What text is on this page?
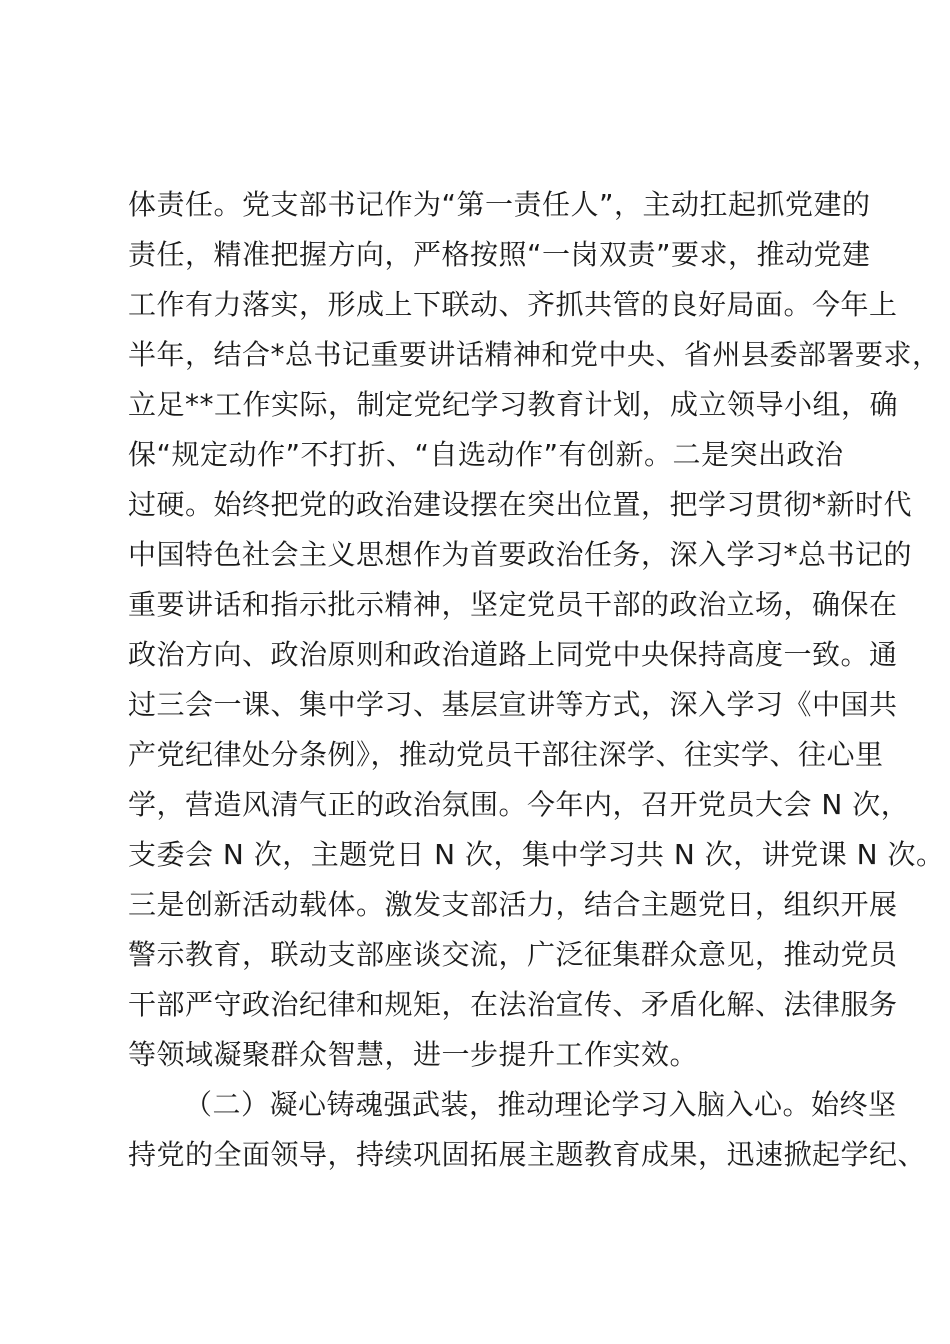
体责任。党支部书记作为“第一责任人”，主动扛起抓党建的
责任，精准把握方向，严格按照“一岗双责”要求，推动党建
工作有力落实，形成上下联动、齐抓共管的良好局面。今年上
半年，结合*总书记重要讲话精神和党中央、省州县委部署要求，
立足**工作实际，制定党纪学习教育计划，成立领导小组，确
保“规定动作”不打折、“自选动作”有创新。二是突出政治
过硬。始终把党的政治建设摆在突出位置，把学习贯彻*新时代
中国特色社会主义思想作为首要政治任务，深入学习*总书记的
重要讲话和指示批示精神，坚定党员干部的政治立场，确保在
政治方向、政治原则和政治道路上同党中央保持高度一致。通
过三会一课、集中学习、基层宣讲等方式，深入学习《中国共
产党纪律处分条例》，推动党员干部往深学、往实学、往心里
学，营造风清气正的政治氛围。今年内，召开党员大会 N 次，
支委会 N 次，主题党日 N 次，集中学习共 N 次，讲党课 N 次。
三是创新活动载体。激发支部活力，结合主题党日，组织开展
警示教育，联动支部座谈交流，广泛征集群众意见，推动党员
干部严守政治纪律和规矩，在法治宣传、矛盾化解、法律服务
等领域凝聚群众智慧，进一步提升工作实效。
（二）凝心铸魂强武装，推动理论学习入脑入心。始终坚
持党的全面领导，持续巩固拓展主题教育成果，迅速掀起学纪、
